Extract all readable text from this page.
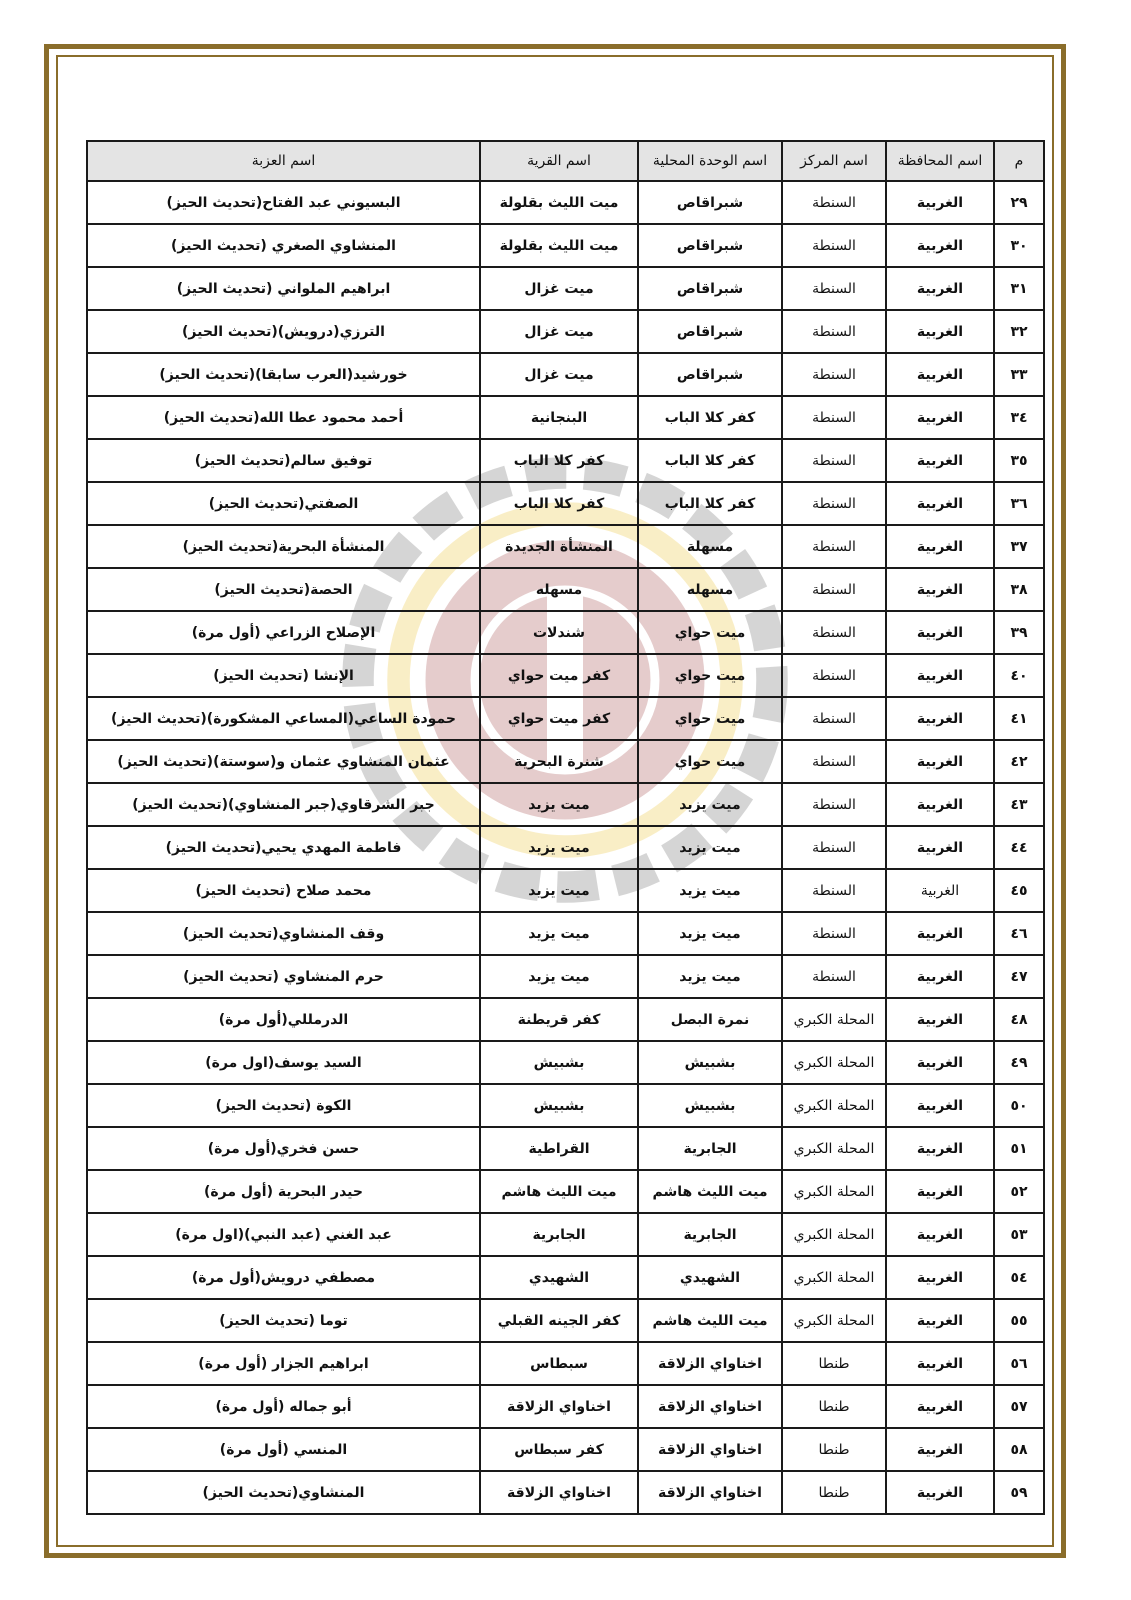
م	اسم المحافظة	اسم المركز	اسم الوحدة المحلية	اسم القرية	اسم العزبة
٢٩	الغربية	السنطة	شبراقاص	ميت الليث بقلولة	البسيوني عبد الفتاح(تحديث الحيز)
٣٠	الغربية	السنطة	شبراقاص	ميت الليث بقلولة	المنشاوي الصغري (تحديث الحيز)
٣١	الغربية	السنطة	شبراقاص	ميت غزال	ابراهيم الملواني (تحديث الحيز)
٣٢	الغربية	السنطة	شبراقاص	ميت غزال	الترزي(درويش)(تحديث الحيز)
٣٣	الغربية	السنطة	شبراقاص	ميت غزال	خورشيد(العرب سابقا)(تحديث الحيز)
٣٤	الغربية	السنطة	كفر كلا الباب	البنجانية	أحمد محمود عطا الله(تحديث الحيز)
٣٥	الغربية	السنطة	كفر كلا الباب	كفر كلا الباب	توفيق سالم(تحديث الحيز)
٣٦	الغربية	السنطة	كفر كلا الباب	كفر كلا الباب	الصفتي(تحديث الحيز)
٣٧	الغربية	السنطة	مسهلة	المنشأة الجديدة	المنشأة البحرية(تحديث الحيز)
٣٨	الغربية	السنطة	مسهله	مسهله	الحصة(تحديث الحيز)
٣٩	الغربية	السنطة	ميت حواي	شندلات	الإصلاح الزراعي (أول مرة)
٤٠	الغربية	السنطة	ميت حواي	كفر ميت حواي	الإنشا (تحديث الحيز)
٤١	الغربية	السنطة	ميت حواي	كفر ميت حواي	حمودة الساعي(المساعي المشكورة)(تحديث الحيز)
٤٢	الغربية	السنطة	ميت حواي	شنرة البحرية	عثمان المنشاوي عثمان و(سوستة)(تحديث الحيز)
٤٣	الغربية	السنطة	ميت يزيد	ميت يزيد	جبر الشرقاوي(جبر المنشاوي)(تحديث الحيز)
٤٤	الغربية	السنطة	ميت يزيد	ميت يزيد	فاطمة المهدي يحيي(تحديث الحيز)
٤٥	الغربية	السنطة	ميت يزيد	ميت يزيد	محمد صلاح (تحديث الحيز)
٤٦	الغربية	السنطة	ميت يزيد	ميت يزيد	وقف المنشاوي(تحديث الحيز)
٤٧	الغربية	السنطة	ميت يزيد	ميت يزيد	حرم المنشاوي (تحديث الحيز)
٤٨	الغربية	المحلة الكبري	نمرة البصل	كفر قريطنة	الدرمللي(أول مرة)
٤٩	الغربية	المحلة الكبري	بشبيش	بشبيش	السيد يوسف(اول مرة)
٥٠	الغربية	المحلة الكبري	بشبيش	بشبيش	الكوة (تحديث الحيز)
٥١	الغربية	المحلة الكبري	الجابرية	القراطية	حسن فخري(أول مرة)
٥٢	الغربية	المحلة الكبري	ميت الليث هاشم	ميت الليث هاشم	حيدر البحرية (أول مرة)
٥٣	الغربية	المحلة الكبري	الجابرية	الجابرية	عبد الغني (عبد النبي)(اول مرة)
٥٤	الغربية	المحلة الكبري	الشهيدي	الشهيدي	مصطفي درويش(أول مرة)
٥٥	الغربية	المحلة الكبري	ميت الليث هاشم	كفر الجينه القبلي	توما (تحديث الحيز)
٥٦	الغربية	طنطا	اخناواي الزلاقة	سبطاس	ابراهيم الجزار (أول مرة)
٥٧	الغربية	طنطا	اخناواي الزلاقة	اخناواي الزلاقة	أبو جماله (أول مرة)
٥٨	الغربية	طنطا	اخناواي الزلاقة	كفر سبطاس	المنسي (أول مرة)
٥٩	الغربية	طنطا	اخناواي الزلاقة	اخناواي الزلاقة	المنشاوي(تحديث الحيز)
